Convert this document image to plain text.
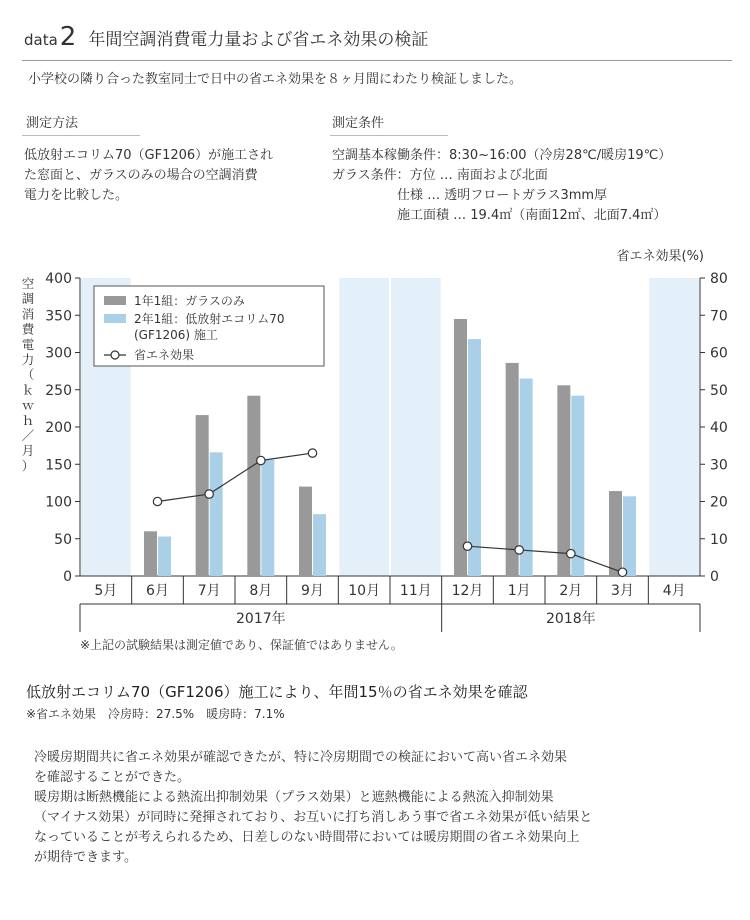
data2 年間空調消費電力量および省エネ効果の検証
小学校の隣り合った教室同士で日中の省エネ効果を８ヶ月間にわたり検証しました。
測定方法
低放射エコリム70（GF1206）が施工され
た窓面と、ガラスのみの場合の空調消費
電力を比較した。
測定条件
空調基本稼働条件：8:30~16:00（冷房28℃/暖房19℃）
ガラス条件：方位 … 南面および北面
　　　　　仕様 … 透明フロートガラス3mm厚
　　　　　施工面積 … 19.4㎡（南面12㎡、北面7.4㎡）
0
50
100
150
200
250
300
350
400
0
10
20
30
40
50
60
70
80
5月 6月 7月 8月 9月 10月 11月 12月 1月 2月 3月 4月
2017年	2018年
省エネ効果(%)
空
調
消
費
電
力
（
ｋ
ｗ
ｈ
／
月
）
1年1組：ガラスのみ
2年1組：低放射エコリム70
(GF1206) 施工
省エネ効果
※上記の試験結果は測定値であり、保証値ではありません。
低放射エコリム70（GF1206）施工により、年間15％の省エネ効果を確認
※省エネ効果　冷房時：27.5%　暖房時：7.1%
冷暖房期間共に省エネ効果が確認できたが、特に冷房期間での検証において高い省エネ効果
を確認することができた。
暖房期は断熱機能による熱流出抑制効果（プラス効果）と遮熱機能による熱流入抑制効果
（マイナス効果）が同時に発揮されており、お互いに打ち消しあう事で省エネ効果が低い結果と
なっていることが考えられるため、日差しのない時間帯においては暖房期間の省エネ効果向上
が期待できます。
